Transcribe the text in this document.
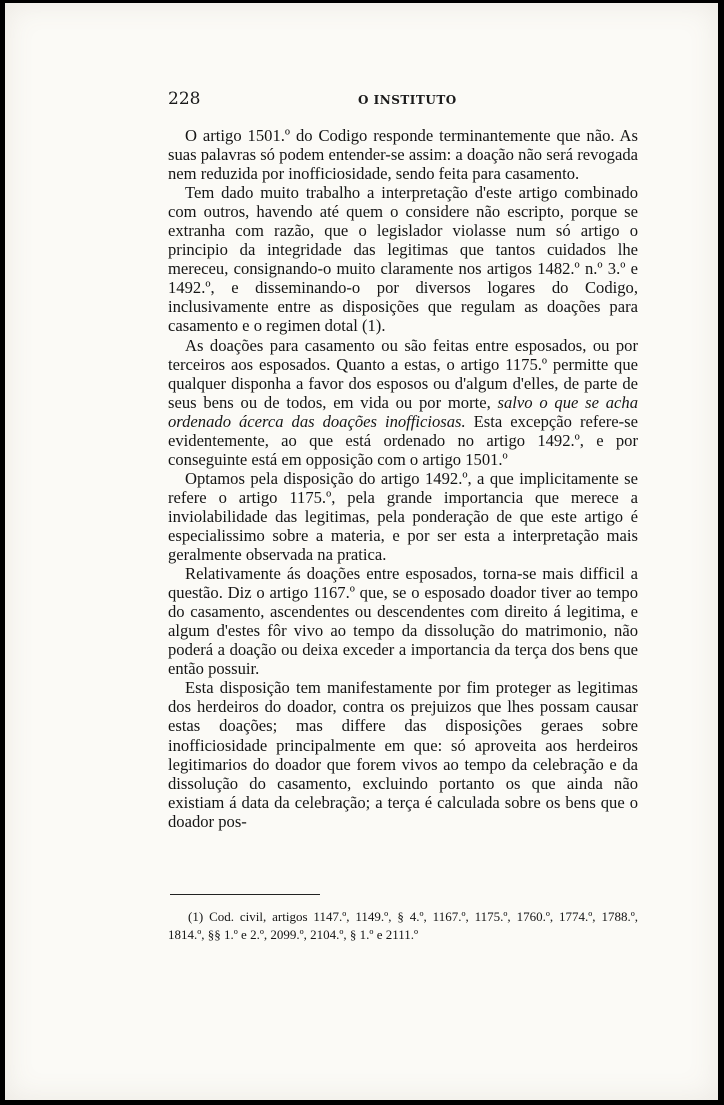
228	O INSTITUTO

O artigo 1501.º do Codigo responde terminantemente que não. As suas palavras só podem entender-se assim: a doação não será revogada nem reduzida por inofficiosidade, sendo feita para casamento.

Tem dado muito trabalho a interpretação d'este artigo combinado com outros, havendo até quem o considere não escripto, porque se extranha com razão, que o legislador violasse num só artigo o principio da integridade das legitimas que tantos cuidados lhe mereceu, consignando-o muito claramente nos artigos 1482.º n.º 3.º e 1492.º, e disseminando-o por diversos logares do Codigo, inclusivamente entre as disposições que regulam as doações para casamento e o regimen dotal (1).

As doações para casamento ou são feitas entre esposados, ou por terceiros aos esposados. Quanto a estas, o artigo 1175.º permitte que qualquer disponha a favor dos esposos ou d'algum d'elles, de parte de seus bens ou de todos, em vida ou por morte, salvo o que se acha ordenado ácerca das doações inofficiosas. Esta excepção refere-se evidentemente, ao que está ordenado no artigo 1492.º, e por conseguinte está em opposição com o artigo 1501.º

Optamos pela disposição do artigo 1492.º, a que implicitamente se refere o artigo 1175.º, pela grande importancia que merece a inviolabilidade das legitimas, pela ponderação de que este artigo é especialissimo sobre a materia, e por ser esta a interpretação mais geralmente observada na pratica.

Relativamente ás doações entre esposados, torna-se mais difficil a questão. Diz o artigo 1167.º que, se o esposado doador tiver ao tempo do casamento, ascendentes ou descendentes com direito á legitima, e algum d'estes fôr vivo ao tempo da dissolução do matrimonio, não poderá a doação ou deixa exceder a importancia da terça dos bens que então possuir.

Esta disposição tem manifestamente por fim proteger as legitimas dos herdeiros do doador, contra os prejuizos que lhes possam causar estas doações; mas differe das disposições geraes sobre inofficiosidade principalmente em que: só aproveita aos herdeiros legitimarios do doador que forem vivos ao tempo da celebração e da dissolução do casamento, excluindo portanto os que ainda não existiam á data da celebração; a terça é calculada sobre os bens que o doador pos-

(1) Cod. civil, artigos 1147.º, 1149.º, § 4.º, 1167.º, 1175.º, 1760.º, 1774.º, 1788.º, 1814.º, §§ 1.º e 2.º, 2099.º, 2104.º, § 1.º e 2111.º
